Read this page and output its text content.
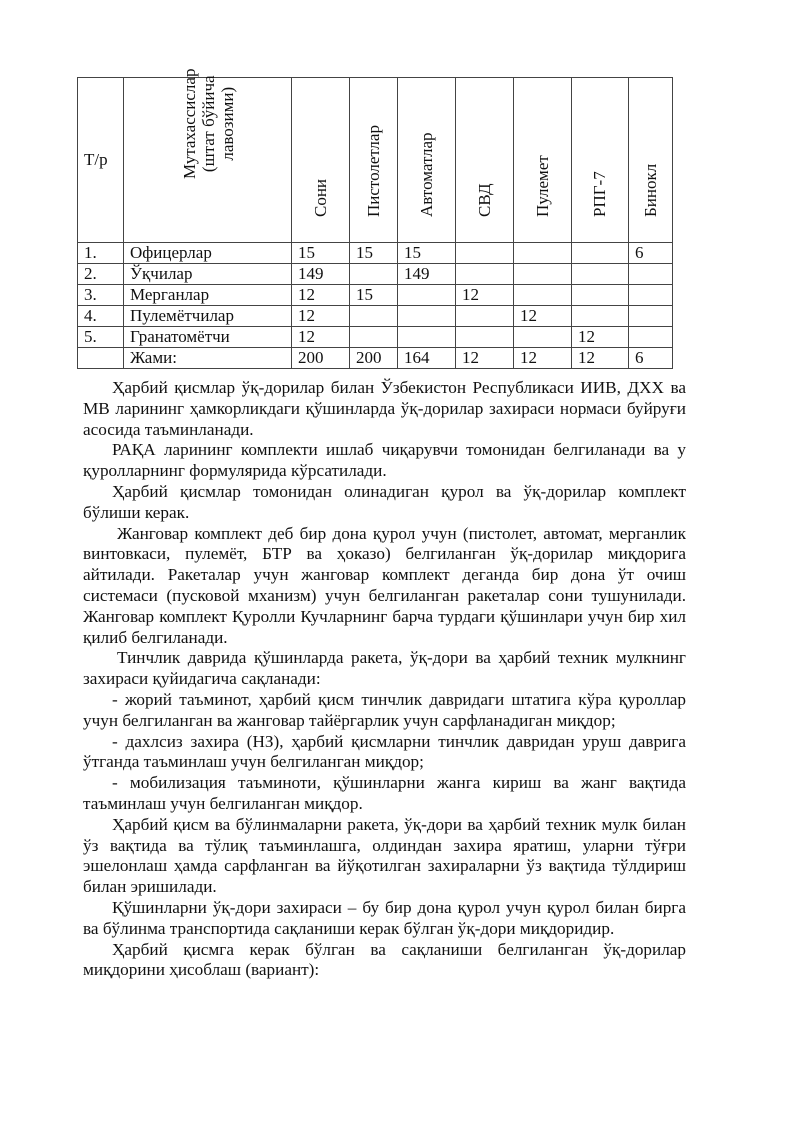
Т/р	Мутахассислар
(штат бўйича
лавозими)	Сони	Пистолетлар	Автоматлар	СВД	Пулемет	РПГ-7	Бинокл

1.	Офицерлар	15	15	15				6
2.	Ўқчилар	149		149				
3.	Мерганлар	12	15		12			
4.	Пулемётчилар	12				12		
5.	Гранатомётчи	12					12	
	Жами:	200	200	164	12	12	12	6

Ҳарбий қисмлар ўқ-дорилар билан Ўзбекистон Республикаси ИИВ, ДХХ ва МВ ларининг ҳамкорликдаги қўшинларда ўқ-дорилар захираси нормаси буйруғи асосида таъминланади.

РАҚА ларининг комплекти ишлаб чиқарувчи томонидан белгиланади ва у қуролларнинг формулярида кўрсатилади.

Ҳарбий қисмлар томонидан олинадиган қурол ва ўқ-дорилар комплект бўлиши керак.

Жанговар комплект деб бир дона қурол учун (пистолет, автомат, мерганлик винтовкаси, пулемёт, БТР ва ҳоказо) белгиланган ўқ-дорилар миқдорига айтилади. Ракеталар учун жанговар комплект деганда бир дона ўт очиш системаси (пусковой мханизм) учун белгиланган ракеталар сони тушунилади. Жанговар комплект Қуролли Кучларнинг барча турдаги қўшинлари учун бир хил қилиб белгиланади.

Тинчлик даврида қўшинларда ракета, ўқ-дори ва ҳарбий техник мулкнинг захираси қуйидагича сақланади:

- жорий таъминот, ҳарбий қисм тинчлик давридаги штатига кўра қуроллар учун белгиланган ва жанговар тайёргарлик учун сарфланадиган миқдор;

- дахлсиз захира (НЗ), ҳарбий қисмларни тинчлик давридан уруш даврига ўтганда таъминлаш учун белгиланган миқдор;

- мобилизация таъминоти, қўшинларни жанга кириш ва жанг вақтида таъминлаш учун белгиланган миқдор.

Ҳарбий қисм ва бўлинмаларни ракета, ўқ-дори ва ҳарбий техник мулк билан ўз вақтида ва тўлиқ таъминлашга, олдиндан захира яратиш, уларни тўғри эшелонлаш ҳамда сарфланган ва йўқотилган захираларни ўз вақтида тўлдириш билан эришилади.

Қўшинларни ўқ-дори захираси – бу бир дона қурол учун қурол билан бирга ва бўлинма транспортида сақланиши керак бўлган ўқ-дори миқдоридир.

Ҳарбий қисмга керак бўлган ва сақланиши белгиланган ўқ-дорилар миқдорини ҳисоблаш (вариант):
